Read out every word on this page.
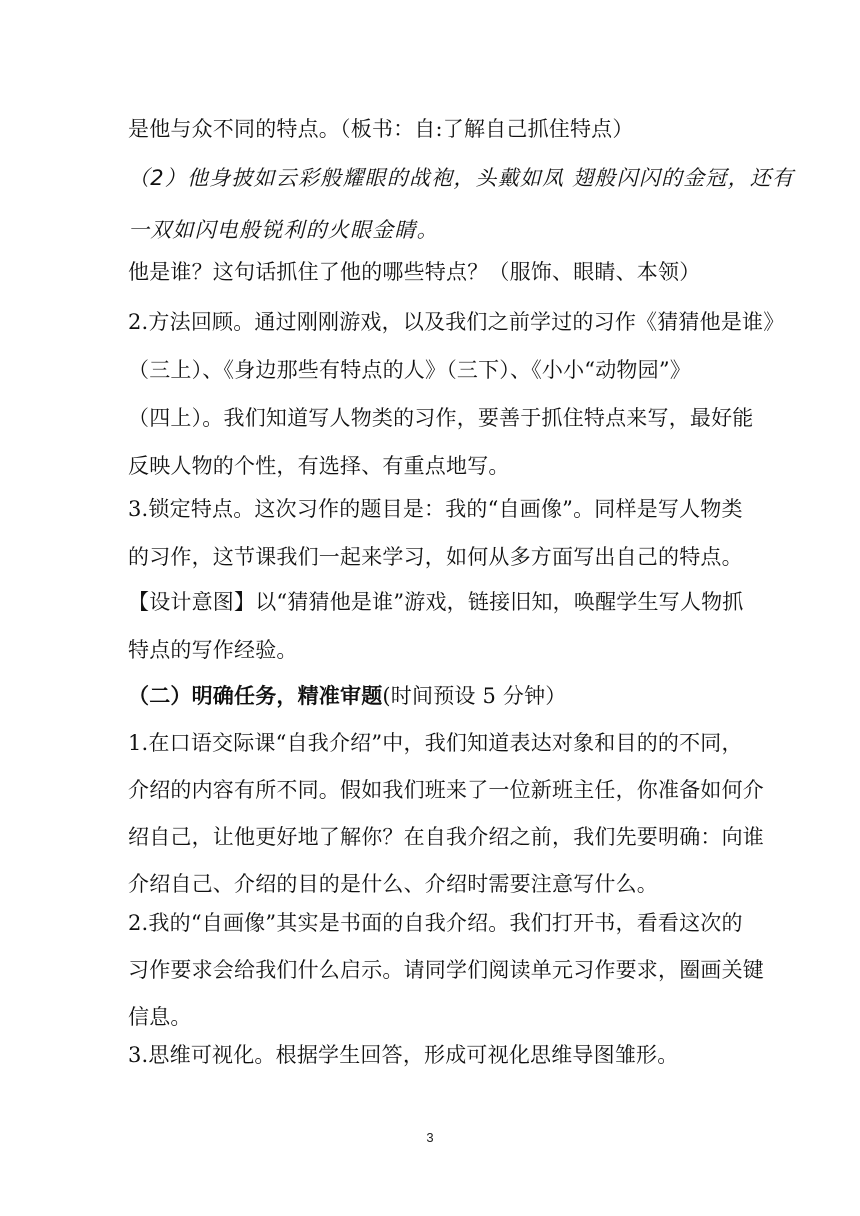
是他与众不同的特点。（板书：自:了解自己抓住特点）
（2）他身披如云彩般耀眼的战袍，头戴如凤 翅般闪闪的金冠，还有
一双如闪电般锐利的火眼金睛。
他是谁？这句话抓住了他的哪些特点？（服饰、眼睛、本领）
2.方法回顾。通过刚刚游戏，以及我们之前学过的习作《猜猜他是谁》
（三上）、《身边那些有特点的人》（三下）、《小小“动物园”》
（四上）。我们知道写人物类的习作，要善于抓住特点来写，最好能
反映人物的个性，有选择、有重点地写。
3.锁定特点。这次习作的题目是：我的“自画像”。同样是写人物类
的习作，这节课我们一起来学习，如何从多方面写出自己的特点。
【设计意图】以“猜猜他是谁”游戏，链接旧知，唤醒学生写人物抓
特点的写作经验。
（二）明确任务，精准审题(时间预设 5 分钟）
1.在口语交际课“自我介绍”中，我们知道表达对象和目的的不同，
介绍的内容有所不同。假如我们班来了一位新班主任，你准备如何介
绍自己，让他更好地了解你？在自我介绍之前，我们先要明确：向谁
介绍自己、介绍的目的是什么、介绍时需要注意写什么。
2.我的“自画像”其实是书面的自我介绍。我们打开书，看看这次的
习作要求会给我们什么启示。请同学们阅读单元习作要求，圈画关键
信息。
3.思维可视化。根据学生回答，形成可视化思维导图雏形。
3
